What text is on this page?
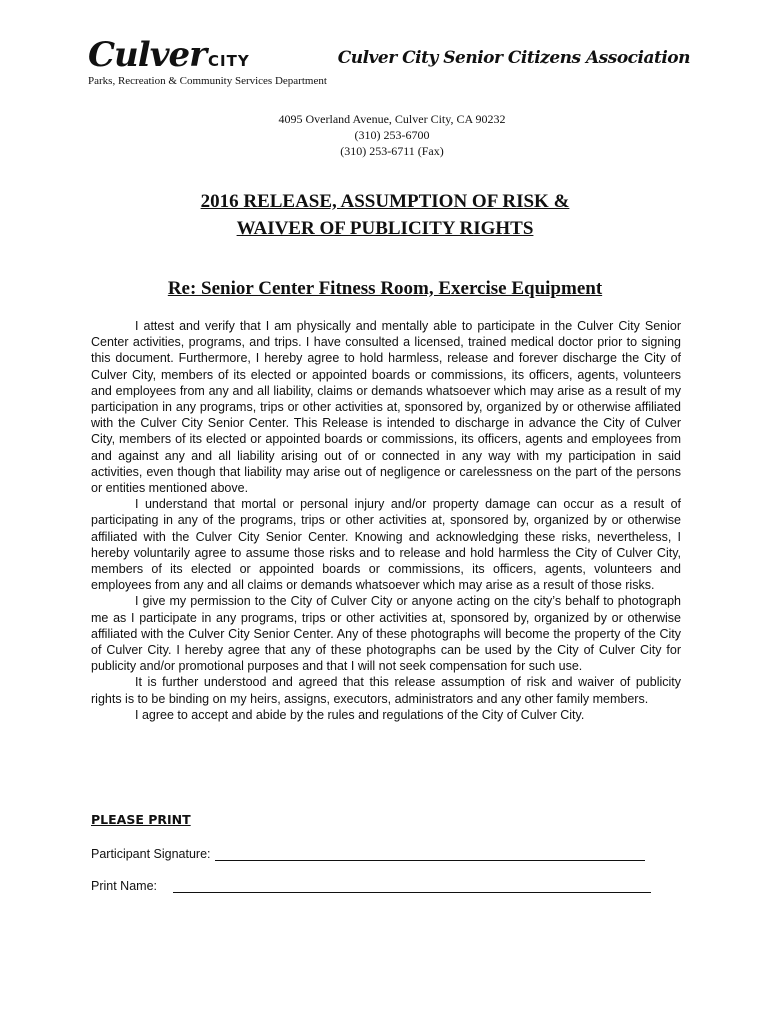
Culver CITY
Parks, Recreation & Community Services Department
Culver City Senior Citizens Association
4095 Overland Avenue, Culver City, CA 90232
(310) 253-6700
(310) 253-6711 (Fax)
2016 RELEASE, ASSUMPTION OF RISK &
WAIVER OF PUBLICITY RIGHTS
Re: Senior Center Fitness Room, Exercise Equipment

I attest and verify that I am physically and mentally able to participate in the Culver City Senior Center activities, programs, and trips. I have consulted a licensed, trained medical doctor prior to signing this document. Furthermore, I hereby agree to hold harmless, release and forever discharge the City of Culver City, members of its elected or appointed boards or commissions, its officers, agents, volunteers and employees from any and all liability, claims or demands whatsoever which may arise as a result of my participation in any programs, trips or other activities at, sponsored by, organized by or otherwise affiliated with the Culver City Senior Center. This Release is intended to discharge in advance the City of Culver City, members of its elected or appointed boards or commissions, its officers, agents and employees from and against any and all liability arising out of or connected in any way with my participation in said activities, even though that liability may arise out of negligence or carelessness on the part of the persons or entities mentioned above.

I understand that mortal or personal injury and/or property damage can occur as a result of participating in any of the programs, trips or other activities at, sponsored by, organized by or otherwise affiliated with the Culver City Senior Center. Knowing and acknowledging these risks, nevertheless, I hereby voluntarily agree to assume those risks and to release and hold harmless the City of Culver City, members of its elected or appointed boards or commissions, its officers, agents, volunteers and employees from any and all claims or demands whatsoever which may arise as a result of those risks.

I give my permission to the City of Culver City or anyone acting on the city’s behalf to photograph me as I participate in any programs, trips or other activities at, sponsored by, organized by or otherwise affiliated with the Culver City Senior Center. Any of these photographs will become the property of the City of Culver City. I hereby agree that any of these photographs can be used by the City of Culver City for publicity and/or promotional purposes and that I will not seek compensation for such use.

It is further understood and agreed that this release assumption of risk and waiver of publicity rights is to be binding on my heirs, assigns, executors, administrators and any other family members.

I agree to accept and abide by the rules and regulations of the City of Culver City.

PLEASE PRINT
Participant Signature:
Print Name:
